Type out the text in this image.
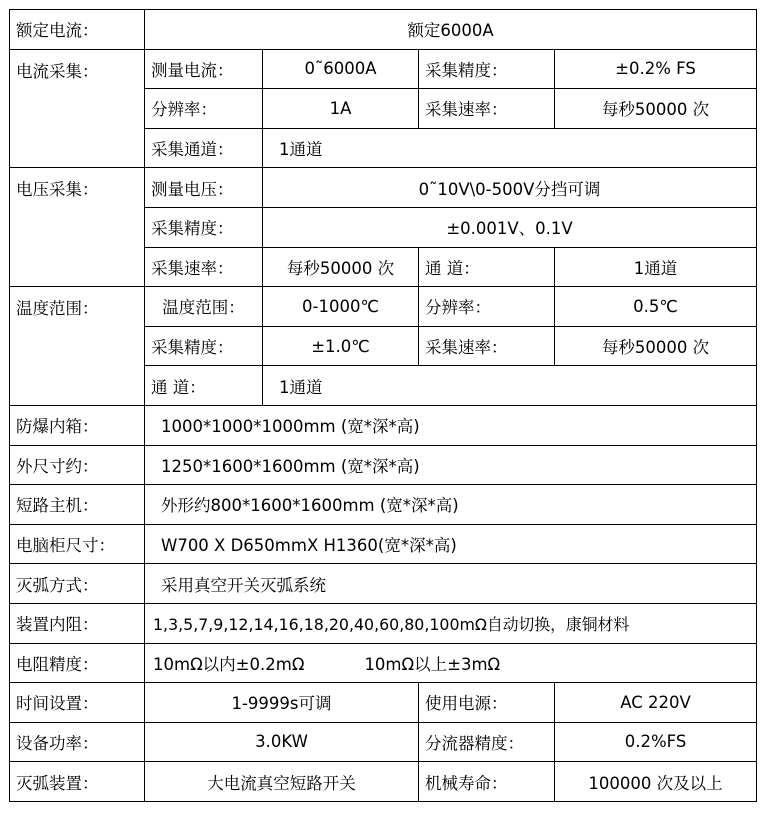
额定电流：	额定6000A			
电流采集：	测量电流：	0˜6000A	采集精度：	±0.2% FS
	分辨率：	1A	采集速率：	每秒50000 次
	采集通道：	1通道		
电压采集：	测量电压：	0˜10V\0-500V分挡可调		
	采集精度：	±0.001V、0.1V		
	采集速率：	每秒50000 次	通 道：	1通道
温度范围：	温度范围：	0-1000℃	分辨率：	0.5℃
	采集精度：	±1.0℃	采集速率：	每秒50000 次
	通 道：	1通道		
防爆内箱：	1000*1000*1000mm (宽*深*高)			
外尺寸约：	1250*1600*1600mm (宽*深*高)			
短路主机：	外形约800*1600*1600mm (宽*深*高)			
电脑柜尺寸：	W700 X D650mmX H1360(宽*深*高)			
灭弧方式：	采用真空开关灭弧系统			
装置内阻：	1,3,5,7,9,12,14,16,18,20,40,60,80,100mΩ自动切换，康铜材料			
电阻精度：	10mΩ以内±0.2mΩ 10mΩ以上±3mΩ			
时间设置：	1-9999s可调		使用电源：	AC 220V
设备功率：	3.0KW		分流器精度：	0.2%FS
灭弧装置：	大电流真空短路开关		机械寿命：	100000 次及以上
